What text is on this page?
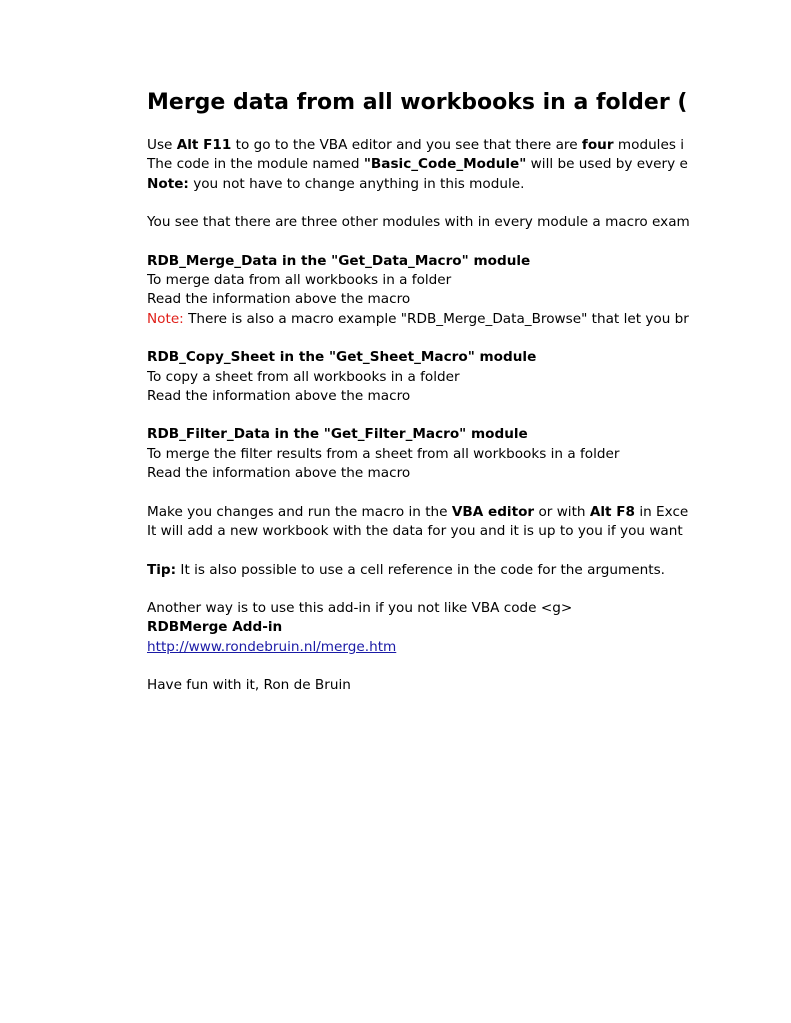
Merge data from all workbooks in a folder (
Use Alt F11 to go to the VBA editor and you see that there are four modules i
The code in the module named "Basic_Code_Module" will be used by every e
Note: you not have to change anything in this module.
You see that there are three other modules with in every module a macro exam
RDB_Merge_Data in the "Get_Data_Macro" module
To merge data from all workbooks in a folder
Read the information above the macro
Note: There is also a macro example "RDB_Merge_Data_Browse" that let you br
RDB_Copy_Sheet in the "Get_Sheet_Macro" module
To copy a sheet from all workbooks in a folder
Read the information above the macro
RDB_Filter_Data in the "Get_Filter_Macro" module
To merge the filter results from a sheet from all workbooks in a folder
Read the information above the macro
Make you changes and run the macro in the VBA editor or with Alt F8 in Exce
It will add a new workbook with the data for you and it is up to you if you want
Tip: It is also possible to use a cell reference in the code for the arguments.
Another way is to use this add-in if you not like VBA code <g>
RDBMerge Add-in
http://www.rondebruin.nl/merge.htm
Have fun with it, Ron de Bruin
